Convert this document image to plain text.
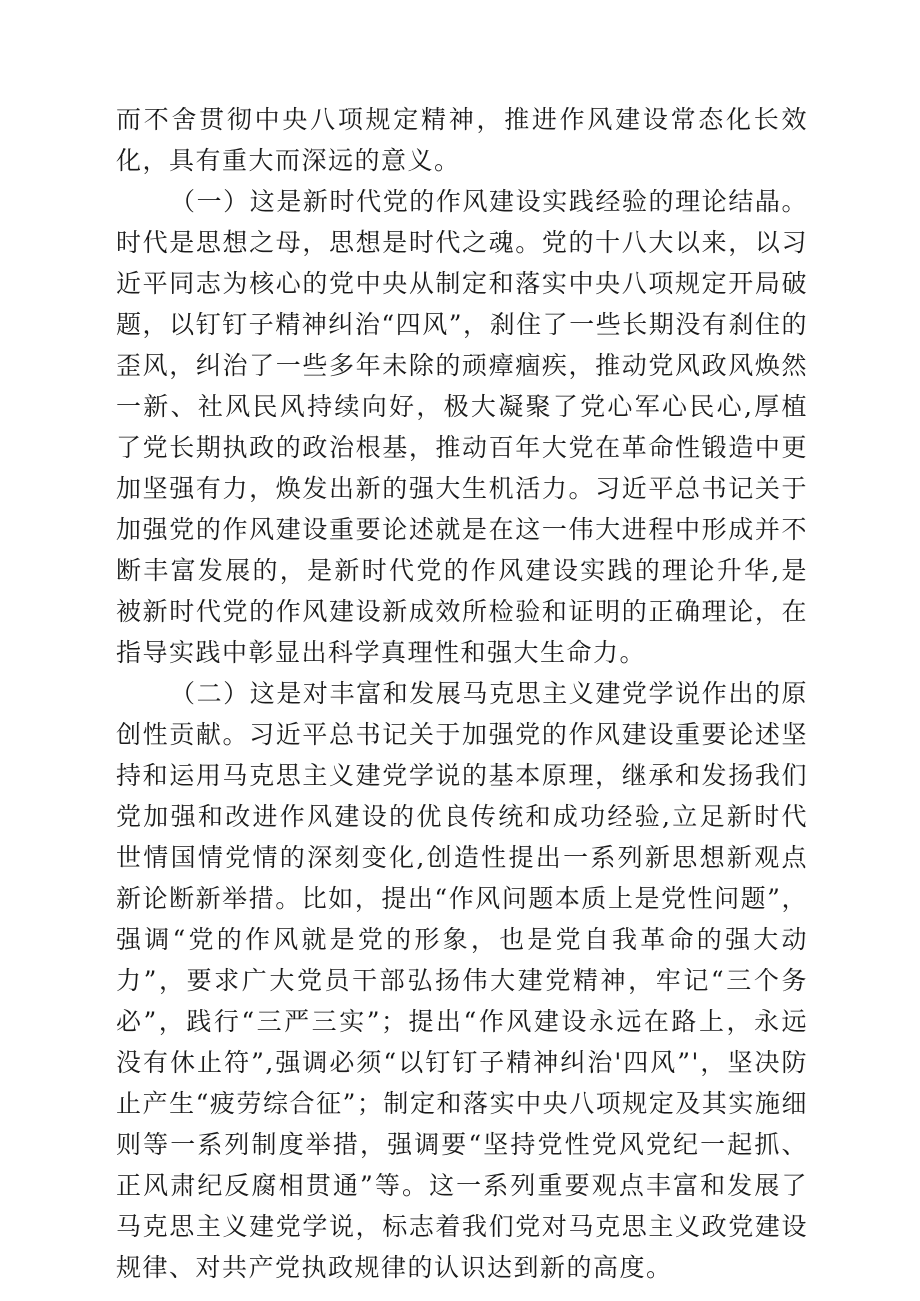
而不舍贯彻中央八项规定精神，推进作风建设常态化长效化，具有重大而深远的意义。

（一）这是新时代党的作风建设实践经验的理论结晶。时代是思想之母，思想是时代之魂。党的十八大以来，以习近平同志为核心的党中央从制定和落实中央八项规定开局破题，以钉钉子精神纠治“四风”，刹住了一些长期没有刹住的歪风，纠治了一些多年未除的顽瘴痼疾，推动党风政风焕然一新、社风民风持续向好，极大凝聚了党心军心民心,厚植了党长期执政的政治根基，推动百年大党在革命性锻造中更加坚强有力，焕发出新的强大生机活力。习近平总书记关于加强党的作风建设重要论述就是在这一伟大进程中形成并不断丰富发展的，是新时代党的作风建设实践的理论升华,是被新时代党的作风建设新成效所检验和证明的正确理论，在指导实践中彰显出科学真理性和强大生命力。

（二）这是对丰富和发展马克思主义建党学说作出的原创性贡献。习近平总书记关于加强党的作风建设重要论述坚持和运用马克思主义建党学说的基本原理，继承和发扬我们党加强和改进作风建设的优良传统和成功经验,立足新时代世情国情党情的深刻变化,创造性提出一系列新思想新观点新论断新举措。比如，提出“作风问题本质上是党性问题”，强调“党的作风就是党的形象，也是党自我革命的强大动力”，要求广大党员干部弘扬伟大建党精神，牢记“三个务必”，践行“三严三实”；提出“作风建设永远在路上，永远没有休止符”,强调必须“以钉钉子精神纠治'四风”'，坚决防止产生“疲劳综合征”；制定和落实中央八项规定及其实施细则等一系列制度举措，强调要“坚持党性党风党纪一起抓、正风肃纪反腐相贯通”等。这一系列重要观点丰富和发展了马克思主义建党学说，标志着我们党对马克思主义政党建设规律、对共产党执政规律的认识达到新的高度。
